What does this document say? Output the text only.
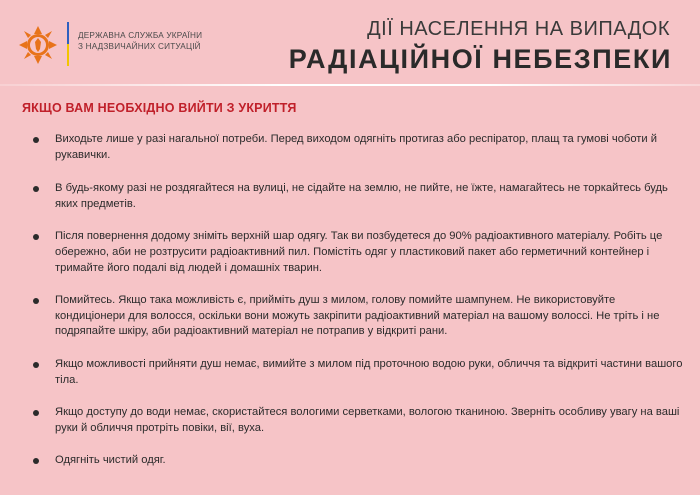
ДЕРЖАВНА СЛУЖБА УКРАЇНИ
З НАДЗВИЧАЙНИХ СИТУАЦІЙ
ДІЇ НАСЕЛЕННЯ НА ВИПАДОК
РАДІАЦІЙНОЇ НЕБЕЗПЕКИ
ЯКЩО ВАМ НЕОБХІДНО ВИЙТИ З УКРИТТЯ
Виходьте лише у разі нагальної потреби. Перед виходом одягніть протигаз або респіратор, плащ та гумові чоботи й рукавички.
В будь-якому разі не роздягайтеся на вулиці, не сідайте на землю, не пийте, не їжте, намагайтесь не торкайтесь будь яких предметів.
Після повернення додому зніміть верхній шар одягу. Так ви позбудетеся до 90% радіоактивного матеріалу. Робіть це обережно, аби не розтрусити радіоактивний пил. Помістіть одяг у пластиковий пакет або герметичний контейнер і тримайте його подалі від людей і домашніх тварин.
Помийтесь. Якщо така можливість є, прийміть душ з милом, голову помийте шампунем. Не використовуйте кондиціонери для волосся, оскільки вони можуть закріпити радіоактивний матеріал на вашому волоссі. Не тріть і не подряпайте шкіру, аби радіоактивний матеріал не потрапив у відкриті рани.
Якщо можливості прийняти душ немає, вимийте з милом під проточною водою руки, обличчя та відкриті частини вашого тіла.
Якщо доступу до води немає, скористайтеся вологими серветками, вологою тканиною. Зверніть особливу увагу на ваші руки й обличчя протріть повіки, вії, вуха.
Одягніть чистий одяг.
